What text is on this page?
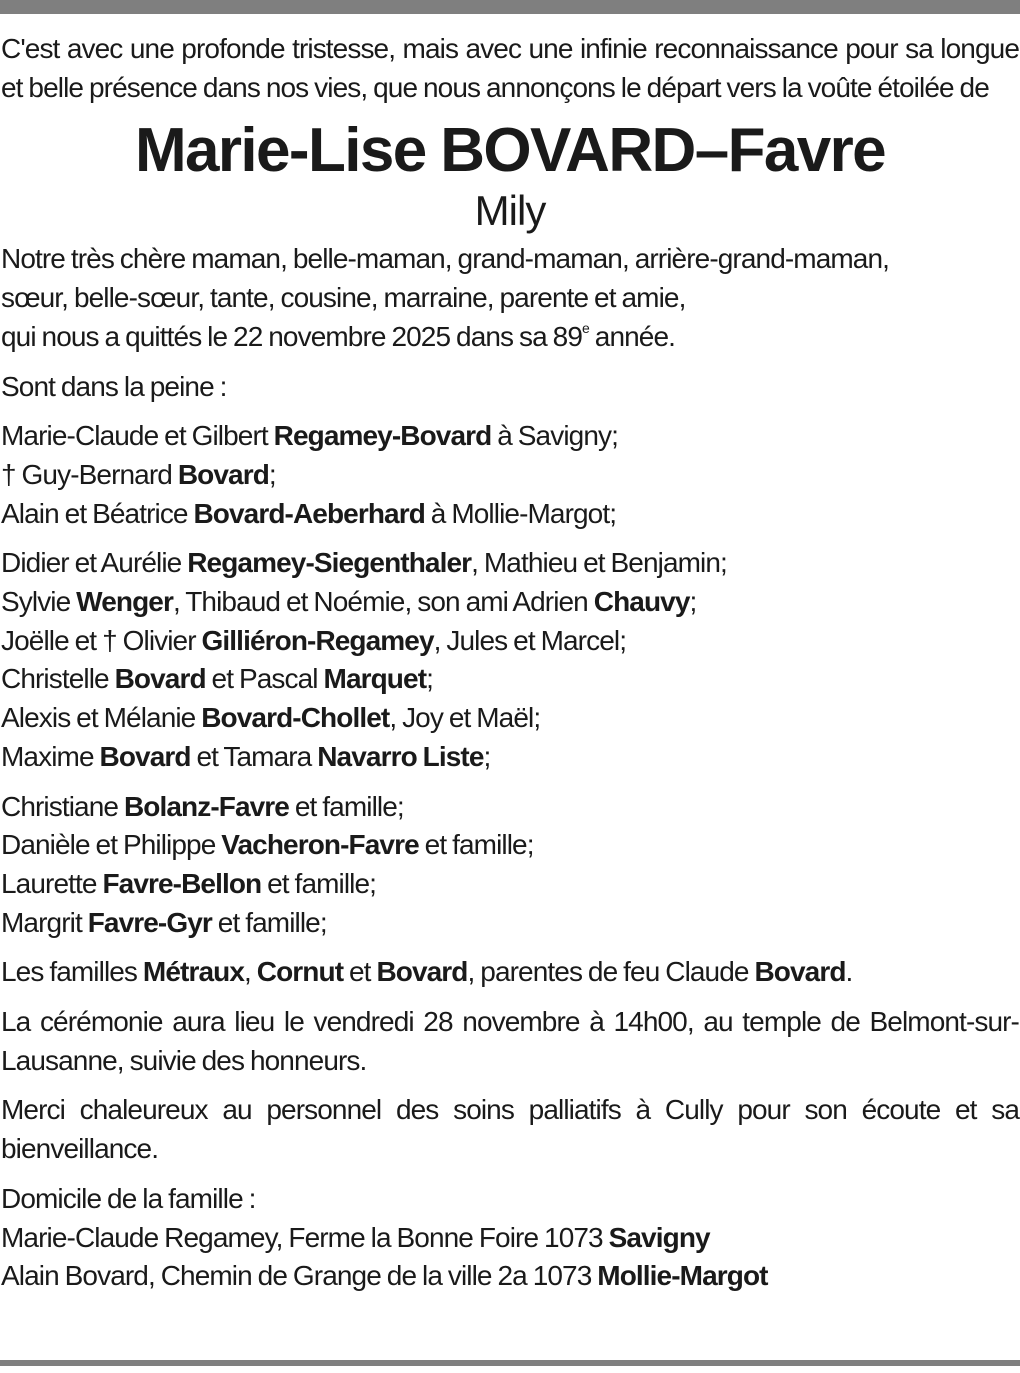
C'est avec une profonde tristesse, mais avec une infinie reconnaissance pour sa longue et belle présence dans nos vies, que nous annonçons le départ vers la voûte étoilée de

Marie-Lise BOVARD–Favre

Mily

Notre très chère maman, belle-maman, grand-maman, arrière-grand-maman,

sœur, belle-sœur, tante, cousine, marraine, parente et amie,

qui nous a quittés le 22 novembre 2025 dans sa 89e année.

Sont dans la peine :

Marie-Claude et Gilbert Regamey-Bovard à Savigny;

† Guy-Bernard Bovard;

Alain et Béatrice Bovard-Aeberhard à Mollie-Margot;

Didier et Aurélie Regamey-Siegenthaler, Mathieu et Benjamin;

Sylvie Wenger, Thibaud et Noémie, son ami Adrien Chauvy;

Joëlle et † Olivier Gilliéron-Regamey, Jules et Marcel;

Christelle Bovard et Pascal Marquet;

Alexis et Mélanie Bovard-Chollet, Joy et Maël;

Maxime Bovard et Tamara Navarro Liste;

Christiane Bolanz-Favre et famille;

Danièle et Philippe Vacheron-Favre et famille;

Laurette Favre-Bellon et famille;

Margrit Favre-Gyr et famille;

Les familles Métraux, Cornut et Bovard, parentes de feu Claude Bovard.

La cérémonie aura lieu le vendredi 28 novembre à 14h00, au temple de Belmont-sur-Lausanne, suivie des honneurs.

Merci chaleureux au personnel des soins palliatifs à Cully pour son écoute et sa bienveillance.

Domicile de la famille :

Marie-Claude Regamey, Ferme la Bonne Foire 1073 Savigny

Alain Bovard, Chemin de Grange de la ville 2a 1073 Mollie-Margot
